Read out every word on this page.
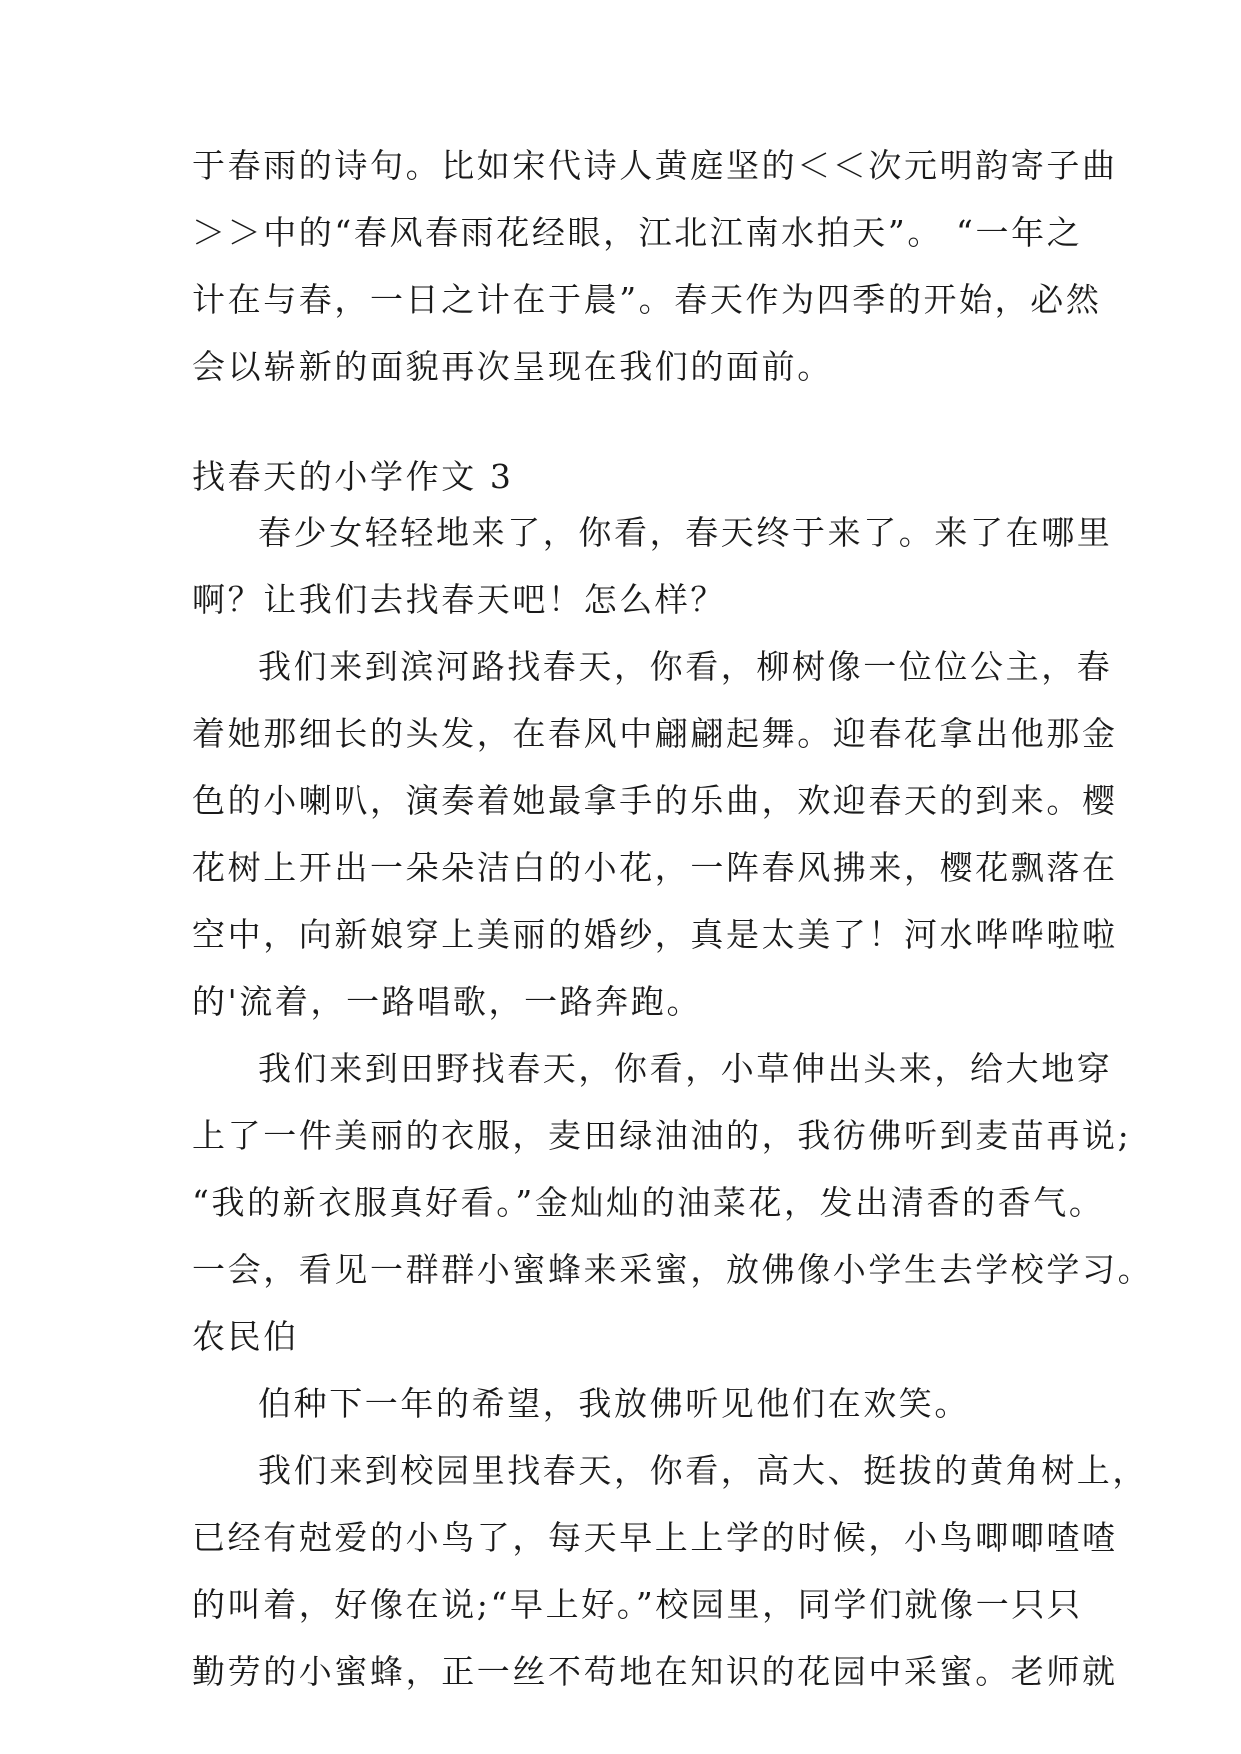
于春雨的诗句。比如宋代诗人黄庭坚的＜＜次元明韵寄子曲
＞＞中的“春风春雨花经眼，江北江南水拍天”。 “一年之
计在与春，一日之计在于晨”。春天作为四季的开始，必然
会以崭新的面貌再次呈现在我们的面前。
找春天的小学作文 3
春少女轻轻地来了，你看，春天终于来了。来了在哪里
啊？让我们去找春天吧！怎么样？
我们来到滨河路找春天，你看，柳树像一位位公主，春
着她那细长的头发，在春风中翩翩起舞。迎春花拿出他那金
色的小喇叭，演奏着她最拿手的乐曲，欢迎春天的到来。樱
花树上开出一朵朵洁白的小花，一阵春风拂来，樱花飘落在
空中，向新娘穿上美丽的婚纱，真是太美了！河水哗哗啦啦
的'流着，一路唱歌，一路奔跑。
我们来到田野找春天，你看，小草伸出头来，给大地穿
上了一件美丽的衣服，麦田绿油油的，我彷佛听到麦苗再说;
“我的新衣服真好看。”金灿灿的油菜花，发出清香的香气。
一会，看见一群群小蜜蜂来采蜜，放佛像小学生去学校学习。
农民伯
伯种下一年的希望，我放佛听见他们在欢笑。
我们来到校园里找春天，你看，高大、挺拔的黄角树上，
已经有尅爱的小鸟了，每天早上上学的时候，小鸟唧唧喳喳
的叫着，好像在说;“早上好。”校园里，同学们就像一只只
勤劳的小蜜蜂，正一丝不苟地在知识的花园中采蜜。老师就
